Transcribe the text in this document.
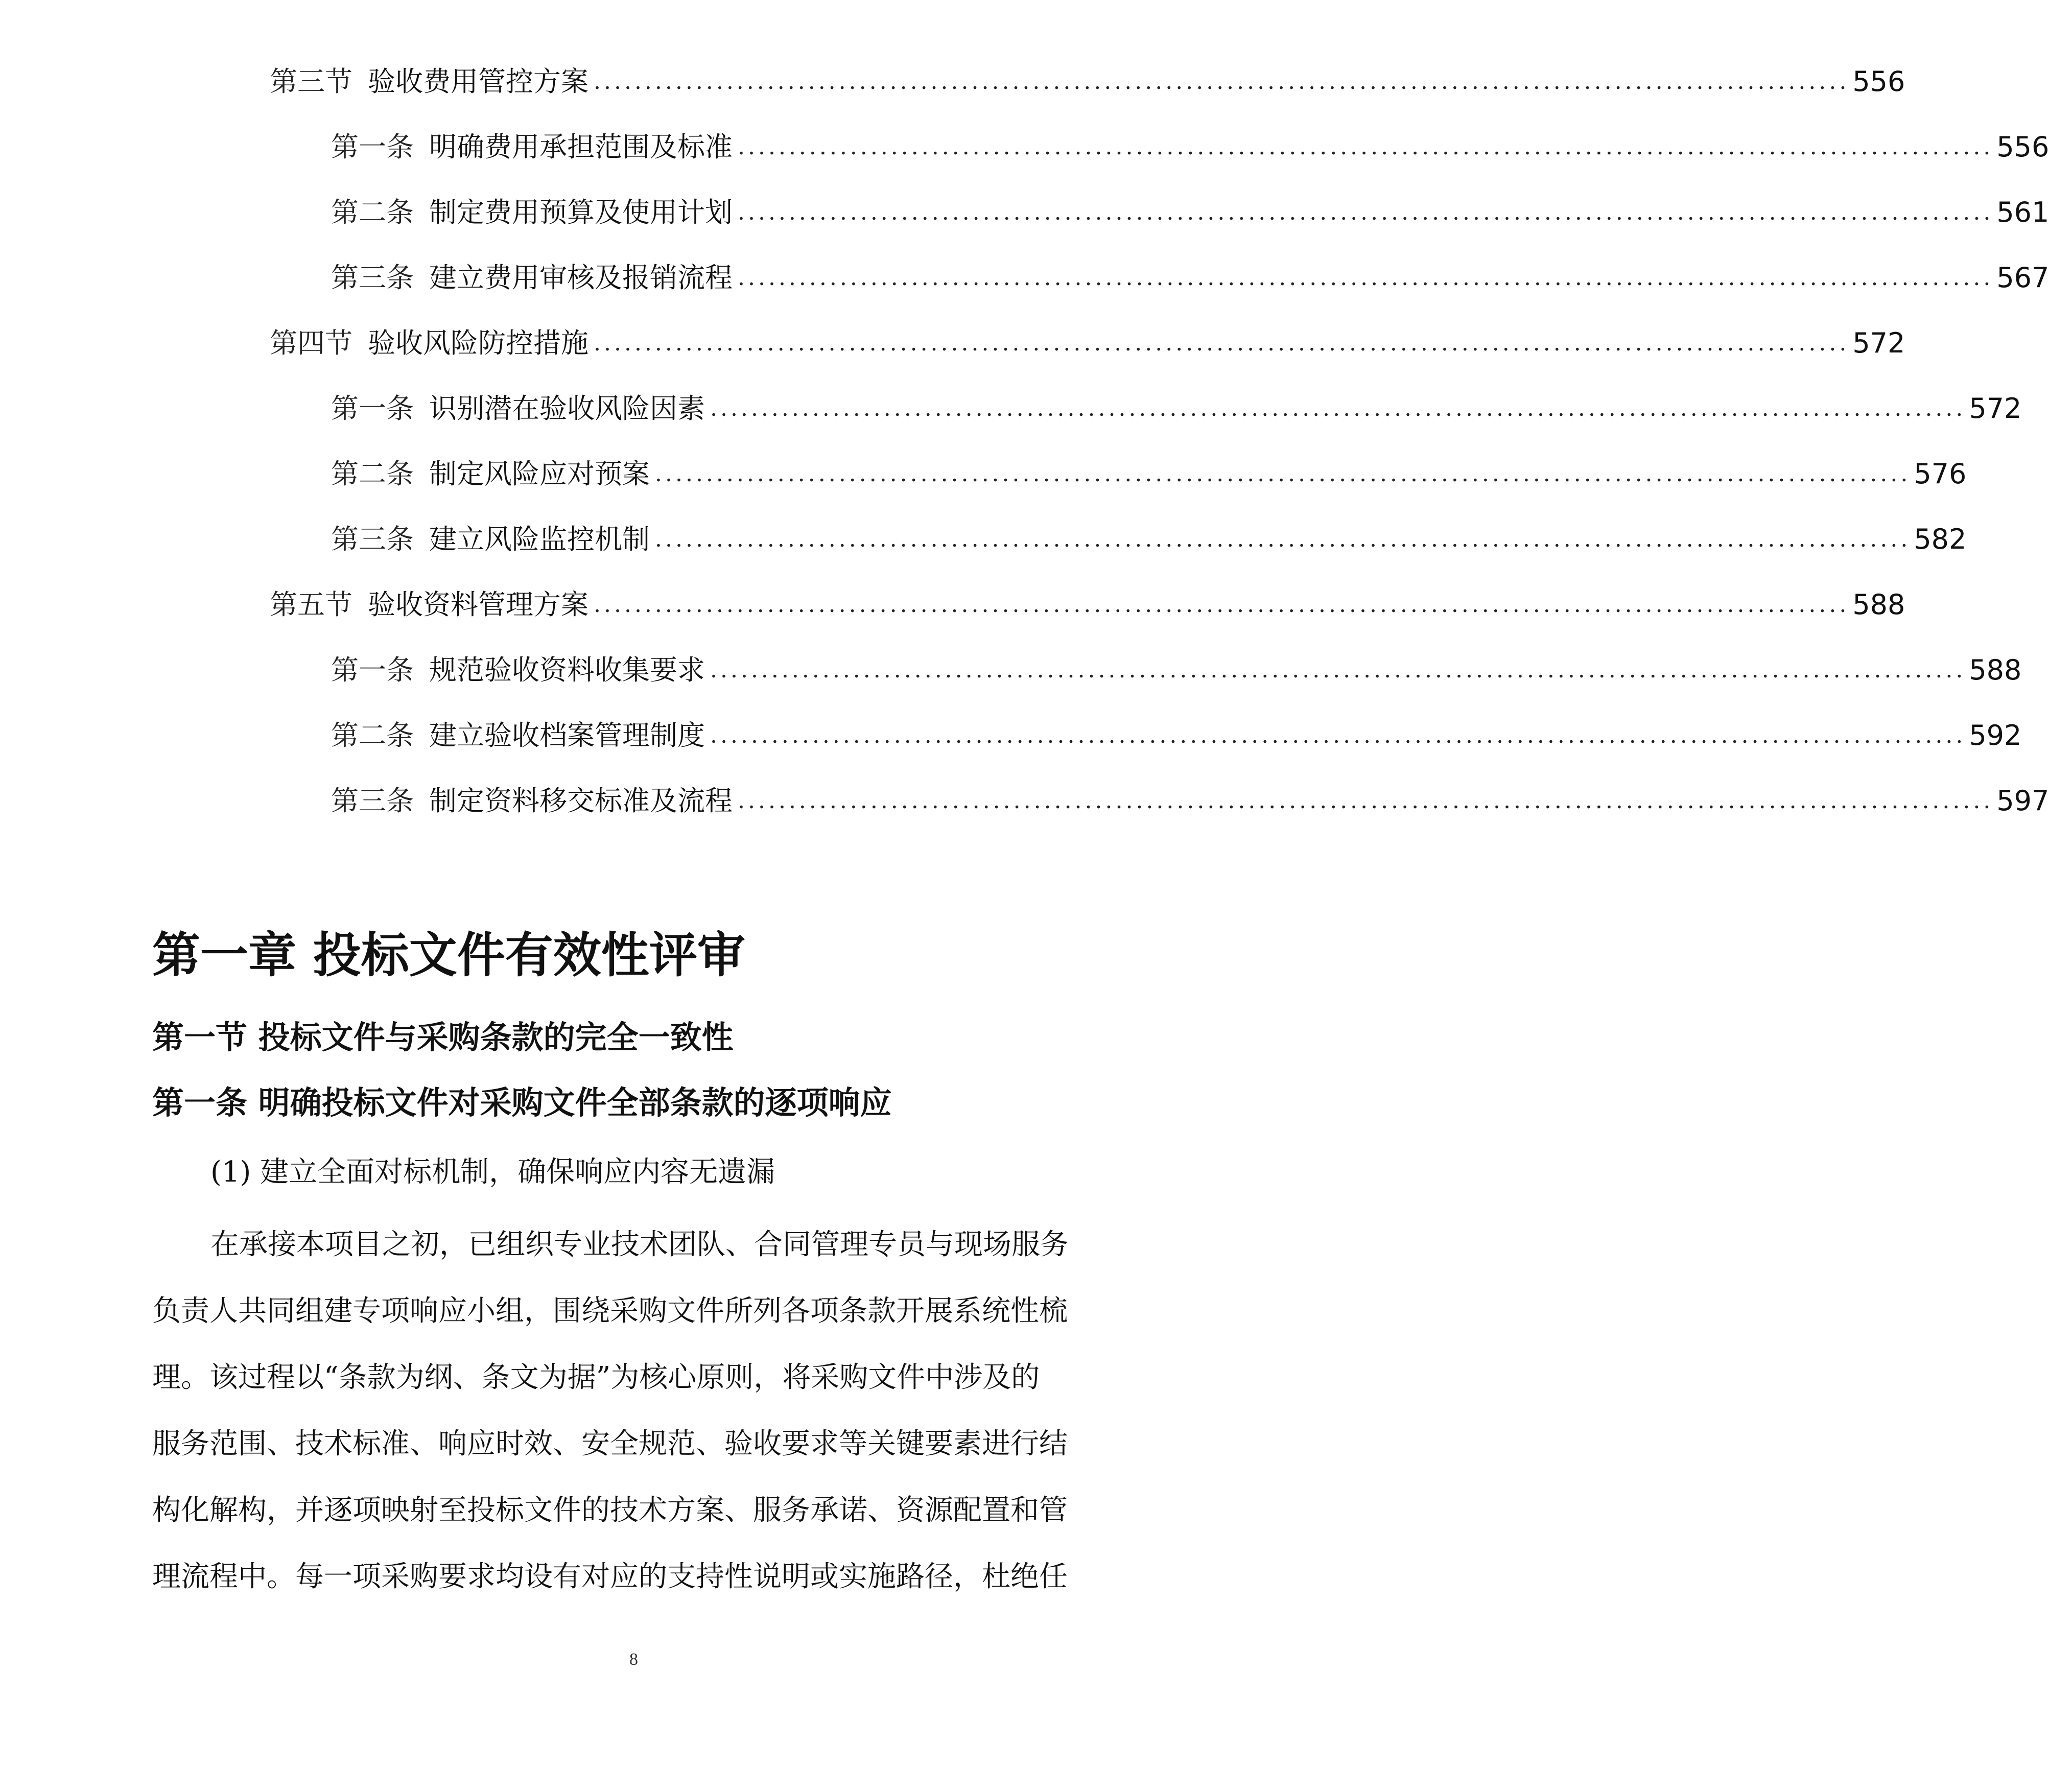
第三节 验收费用管控方案 ........................................................................................................................... 556
第一条 明确费用承担范围及标准 ........................................................................................................................... 556
第二条 制定费用预算及使用计划 ........................................................................................................................... 561
第三条 建立费用审核及报销流程 ........................................................................................................................... 567
第四节 验收风险防控措施 ........................................................................................................................... 572
第一条 识别潜在验收风险因素 ........................................................................................................................... 572
第二条 制定风险应对预案 ........................................................................................................................... 576
第三条 建立风险监控机制 ........................................................................................................................... 582
第五节 验收资料管理方案 ........................................................................................................................... 588
第一条 规范验收资料收集要求 ........................................................................................................................... 588
第二条 建立验收档案管理制度 ........................................................................................................................... 592
第三条 制定资料移交标准及流程 ........................................................................................................................... 597
第一章 投标文件有效性评审
第一节 投标文件与采购条款的完全一致性
第一条 明确投标文件对采购文件全部条款的逐项响应
(1) 建立全面对标机制，确保响应内容无遗漏
在承接本项目之初，已组织专业技术团队、合同管理专员与现场服务
负责人共同组建专项响应小组，围绕采购文件所列各项条款开展系统性梳
理。该过程以“条款为纲、条文为据”为核心原则，将采购文件中涉及的
服务范围、技术标准、响应时效、安全规范、验收要求等关键要素进行结
构化解构，并逐项映射至投标文件的技术方案、服务承诺、资源配置和管
理流程中。每一项采购要求均设有对应的支持性说明或实施路径，杜绝任
8
